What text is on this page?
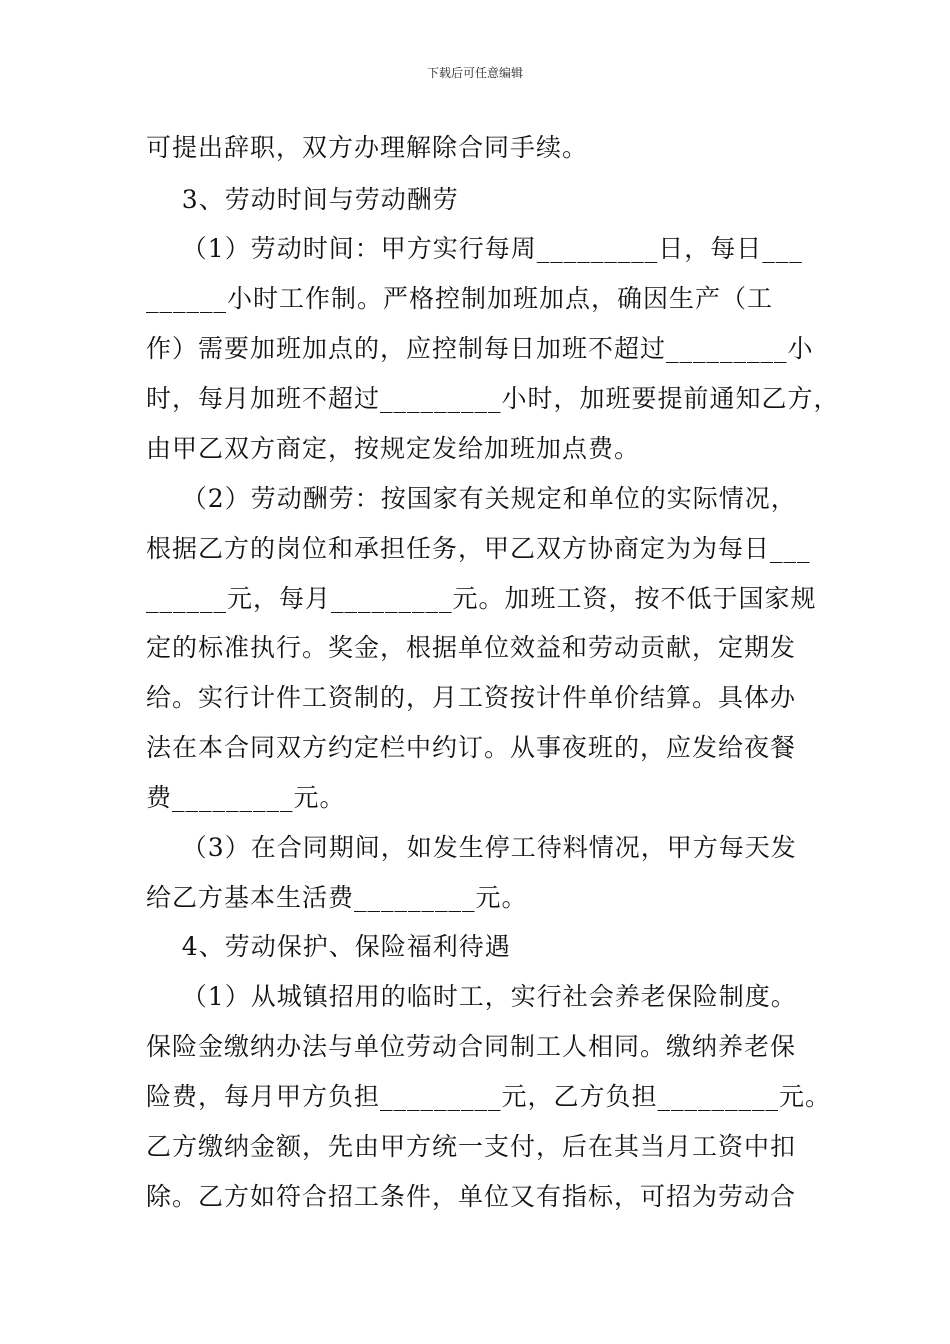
下载后可任意编辑
可提出辞职，双方办理解除合同手续。
3、劳动时间与劳动酬劳
（1）劳动时间：甲方实行每周_________日，每日___
______小时工作制。严格控制加班加点，确因生产（工
作）需要加班加点的，应控制每日加班不超过_________小
时，每月加班不超过_________小时，加班要提前通知乙方，
由甲乙双方商定，按规定发给加班加点费。
（2）劳动酬劳：按国家有关规定和单位的实际情况，
根据乙方的岗位和承担任务，甲乙双方协商定为为每日___
______元，每月_________元。加班工资，按不低于国家规
定的标准执行。奖金，根据单位效益和劳动贡献，定期发
给。实行计件工资制的，月工资按计件单价结算。具体办
法在本合同双方约定栏中约订。从事夜班的，应发给夜餐
费_________元。
（3）在合同期间，如发生停工待料情况，甲方每天发
给乙方基本生活费_________元。
4、劳动保护、保险福利待遇
（1）从城镇招用的临时工，实行社会养老保险制度。
保险金缴纳办法与单位劳动合同制工人相同。缴纳养老保
险费，每月甲方负担_________元，乙方负担_________元。
乙方缴纳金额，先由甲方统一支付，后在其当月工资中扣
除。乙方如符合招工条件，单位又有指标，可招为劳动合
